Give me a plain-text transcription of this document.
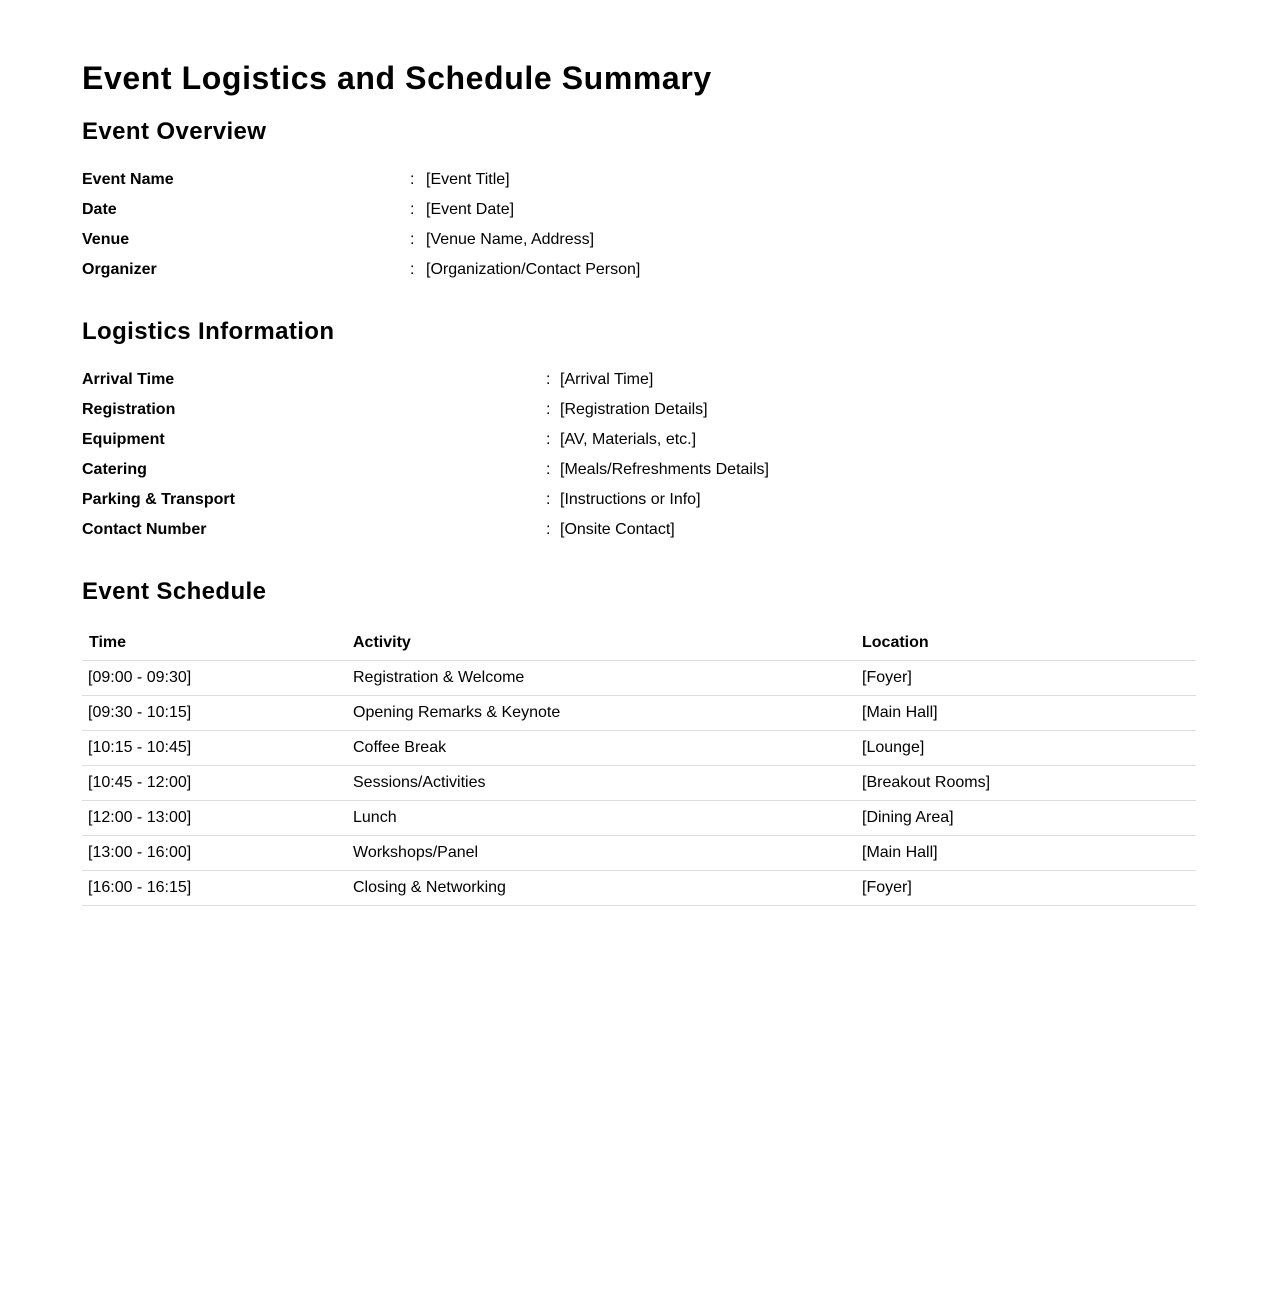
Event Logistics and Schedule Summary
Event Overview
Event Name	: [Event Title]
Date	: [Event Date]
Venue	: [Venue Name, Address]
Organizer	: [Organization/Contact Person]
Logistics Information
Arrival Time	: [Arrival Time]
Registration	: [Registration Details]
Equipment	: [AV, Materials, etc.]
Catering	: [Meals/Refreshments Details]
Parking & Transport	: [Instructions or Info]
Contact Number	: [Onsite Contact]
Event Schedule
Time	Activity	Location
[09:00 - 09:30]	Registration & Welcome	[Foyer]
[09:30 - 10:15]	Opening Remarks & Keynote	[Main Hall]
[10:15 - 10:45]	Coffee Break	[Lounge]
[10:45 - 12:00]	Sessions/Activities	[Breakout Rooms]
[12:00 - 13:00]	Lunch	[Dining Area]
[13:00 - 16:00]	Workshops/Panel	[Main Hall]
[16:00 - 16:15]	Closing & Networking	[Foyer]
